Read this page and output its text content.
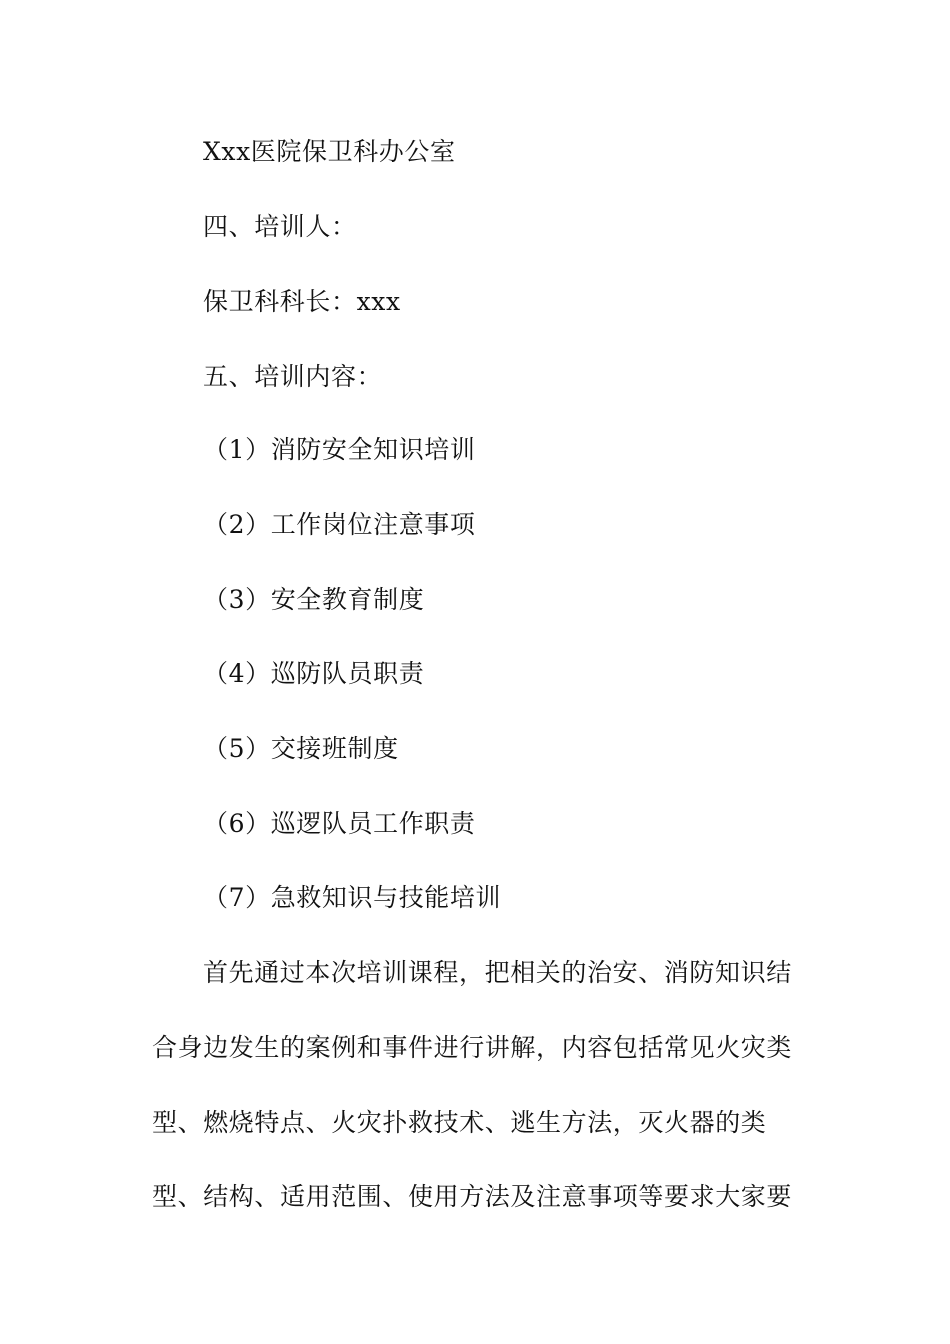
Xxx医院保卫科办公室
四、培训人：
保卫科科长：xxx
五、培训内容：
（1）消防安全知识培训
（2）工作岗位注意事项
（3）安全教育制度
（4）巡防队员职责
（5）交接班制度
（6）巡逻队员工作职责
（7）急救知识与技能培训
首先通过本次培训课程，把相关的治安、消防知识结
合身边发生的案例和事件进行讲解，内容包括常见火灾类
型、燃烧特点、火灾扑救技术、逃生方法，灭火器的类
型、结构、适用范围、使用方法及注意事项等要求大家要
